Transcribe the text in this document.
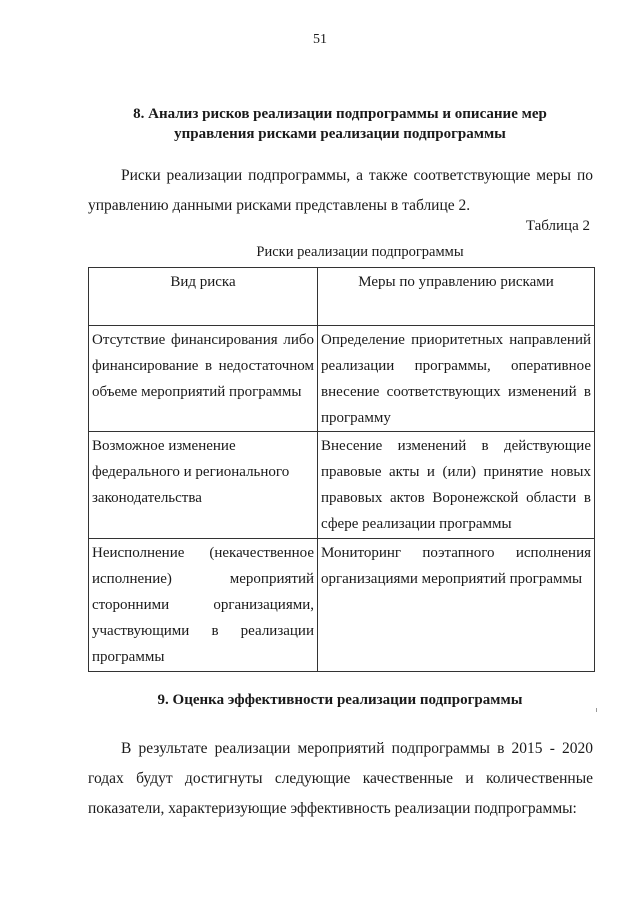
51
8. Анализ рисков реализации подпрограммы и описание мер
управления рисками реализации подпрограммы

Риски реализации подпрограммы, а также соответствующие меры по управлению данными рисками представлены в таблице 2.

Таблица 2
Риски реализации подпрограммы
Вид риска	Меры по управлению рисками

Отсутствие финансирования либо финансирование в недостаточном объеме мероприятий программы	Определение приоритетных направлений реализации программы, оперативное внесение соответствующих изменений в программу

Возможное изменение федерального и регионального законодательства	Внесение изменений в действующие правовые акты и (или) принятие новых правовых актов Воронежской области в сфере реализации программы

Неисполнение (некачественное исполнение) мероприятий сторонними организациями, участвующими в реализации программы	Мониторинг поэтапного исполнения организациями мероприятий программы
9. Оценка эффективности реализации подпрограммы

В результате реализации мероприятий подпрограммы в 2015 - 2020 годах будут достигнуты следующие качественные и количественные показатели, характеризующие эффективность реализации подпрограммы:
